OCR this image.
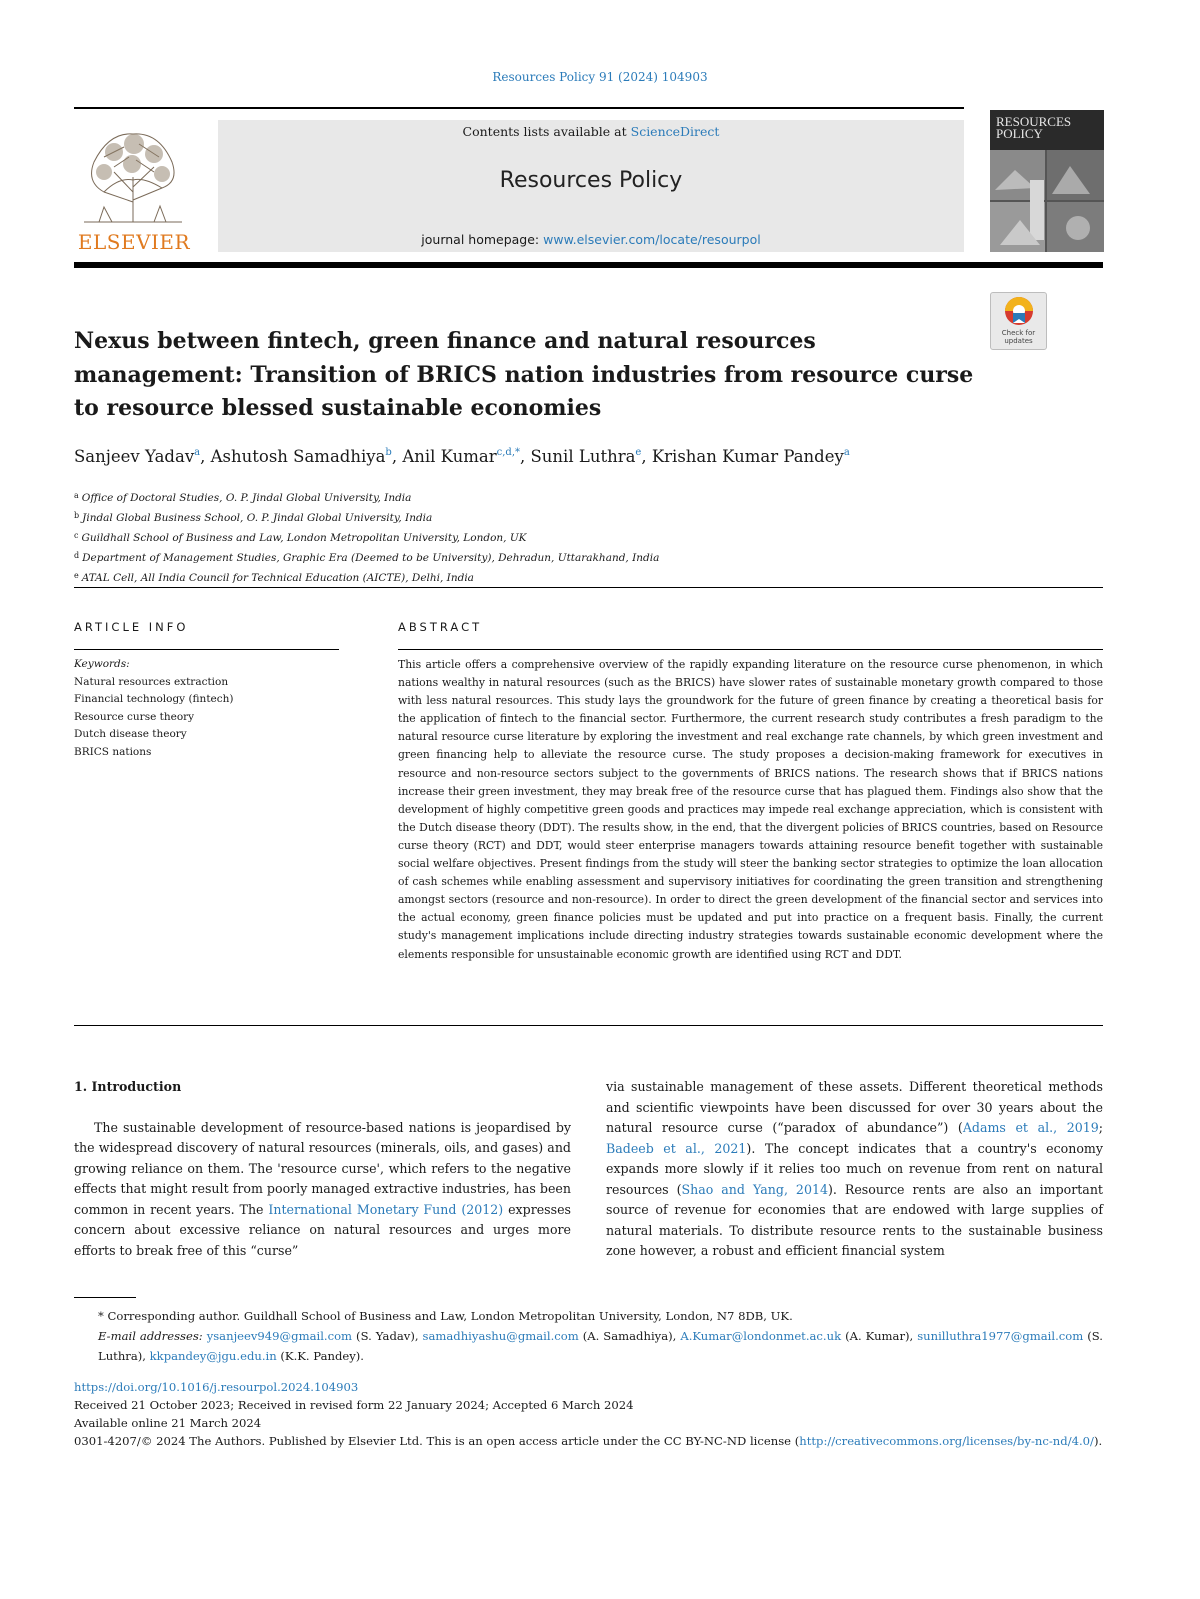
Resources Policy 91 (2024) 104903
ELSEVIER
Contents lists available at ScienceDirect
Resources Policy
journal homepage: www.elsevier.com/locate/resourpol
RESOURCES
POLICY
Check for
updates
Nexus between fintech, green finance and natural resources management: Transition of BRICS nation industries from resource curse to resource blessed sustainable economies
Sanjeev Yadav$^a$, Ashutosh Samadhiya$^b$, Anil Kumar$^{c,d,*}$, Sunil Luthra$^e$, Krishan Kumar Pandey$^a$
$^a$ Office of Doctoral Studies, O. P. Jindal Global University, India
$^b$ Jindal Global Business School, O. P. Jindal Global University, India
$^c$ Guildhall School of Business and Law, London Metropolitan University, London, UK
$^d$ Department of Management Studies, Graphic Era (Deemed to be University), Dehradun, Uttarakhand, India
$^e$ ATAL Cell, All India Council for Technical Education (AICTE), Delhi, India
ARTICLE INFO	ABSTRACT
Keywords:
Natural resources extraction
Financial technology (fintech)
Resource curse theory
Dutch disease theory
BRICS nations

This article offers a comprehensive overview of the rapidly expanding literature on the resource curse phenomenon, in which nations wealthy in natural resources (such as the BRICS) have slower rates of sustainable monetary growth compared to those with less natural resources. This study lays the groundwork for the future of green finance by creating a theoretical basis for the application of fintech to the financial sector. Furthermore, the current research study contributes a fresh paradigm to the natural resource curse literature by exploring the investment and real exchange rate channels, by which green investment and green financing help to alleviate the resource curse. The study proposes a decision-making framework for executives in resource and non-resource sectors subject to the governments of BRICS nations. The research shows that if BRICS nations increase their green investment, they may break free of the resource curse that has plagued them. Findings also show that the development of highly competitive green goods and practices may impede real exchange appreciation, which is consistent with the Dutch disease theory (DDT). The results show, in the end, that the divergent policies of BRICS countries, based on Resource curse theory (RCT) and DDT, would steer enterprise managers towards attaining resource benefit together with sustainable social welfare objectives. Present findings from the study will steer the banking sector strategies to optimize the loan allocation of cash schemes while enabling assessment and supervisory initiatives for coordinating the green transition and strengthening amongst sectors (resource and non-resource). In order to direct the green development of the financial sector and services into the actual economy, green finance policies must be updated and put into practice on a frequent basis. Finally, the current study's management implications include directing industry strategies towards sustainable economic development where the elements responsible for unsustainable economic growth are identified using RCT and DDT.

1. Introduction

The sustainable development of resource-based nations is jeopardised by the widespread discovery of natural resources (minerals, oils, and gases) and growing reliance on them. The 'resource curse', which refers to the negative effects that might result from poorly managed extractive industries, has been common in recent years. The International Monetary Fund (2012) expresses concern about excessive reliance on natural resources and urges more efforts to break free of this “curse”

via sustainable management of these assets. Different theoretical methods and scientific viewpoints have been discussed for over 30 years about the natural resource curse (“paradox of abundance”) (Adams et al., 2019; Badeeb et al., 2021). The concept indicates that a country's economy expands more slowly if it relies too much on revenue from rent on natural resources (Shao and Yang, 2014). Resource rents are also an important source of revenue for economies that are endowed with large supplies of natural materials. To distribute resource rents to the sustainable business zone however, a robust and efficient financial system

* Corresponding author. Guildhall School of Business and Law, London Metropolitan University, London, N7 8DB, UK.
E-mail addresses: ysanjeev949@gmail.com (S. Yadav), samadhiyashu@gmail.com (A. Samadhiya), A.Kumar@londonmet.ac.uk (A. Kumar), sunilluthra1977@gmail.com (S. Luthra), kkpandey@jgu.edu.in (K.K. Pandey).
https://doi.org/10.1016/j.resourpol.2024.104903
Received 21 October 2023; Received in revised form 22 January 2024; Accepted 6 March 2024
Available online 21 March 2024
0301-4207/© 2024 The Authors. Published by Elsevier Ltd. This is an open access article under the CC BY-NC-ND license (http://creativecommons.org/licenses/by-nc-nd/4.0/).
